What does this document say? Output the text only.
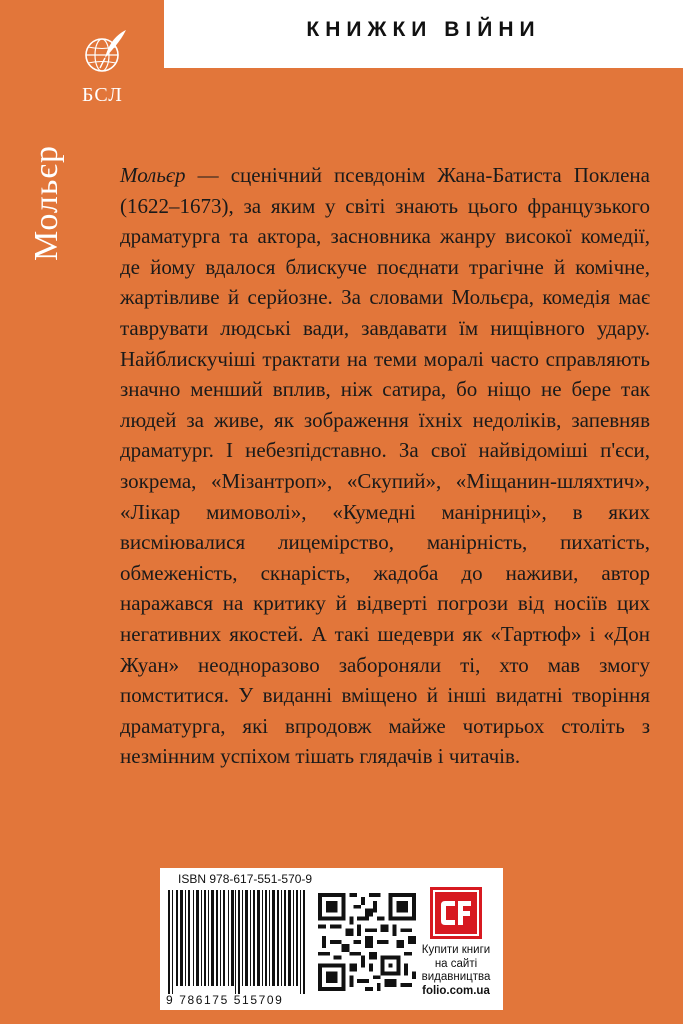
КНИЖКИ ВІЙНИ
БСЛ
Мольєр	Мольєр — сценічний псевдонім Жана-Батиста Поклена (1622–1673), за яким у світі знають цього французького драматурга та актора, засновника жанру високої комедії, де йому вдалося блискуче поєднати трагічне й комічне, жартівливе й серйозне. За словами Мольєра, комедія має таврувати людські вади, завдавати їм нищівного удару. Найблискучіші трактати на теми моралі часто справляють значно менший вплив, ніж сатира, бо ніщо не бере так людей за живе, як зображення їхніх недоліків, запевняв драматург. І небезпідставно. За свої найвідоміші п'єси, зокрема, «Мізантроп», «Скупий», «Міщанин-шляхтич», «Лікар мимоволі», «Кумедні манірниці», в яких висміювалися лицемірство, манірність, пихатість, обмеженість, скнарість, жадоба до наживи, автор наражався на критику й відверті погрози від носіїв цих негативних якостей. А такі шедеври як «Тартюф» і «Дон Жуан» неодноразово забороняли ті, хто мав змогу помститися. У виданні вміщено й інші видатні творіння драматурга, які впродовж майже чотирьох століть з незмінним успіхом тішать глядачів і читачів.

ISBN 978-617-551-570-9
9 786175 515709
Купити книги
на сайті
видавництва
folio.com.ua
